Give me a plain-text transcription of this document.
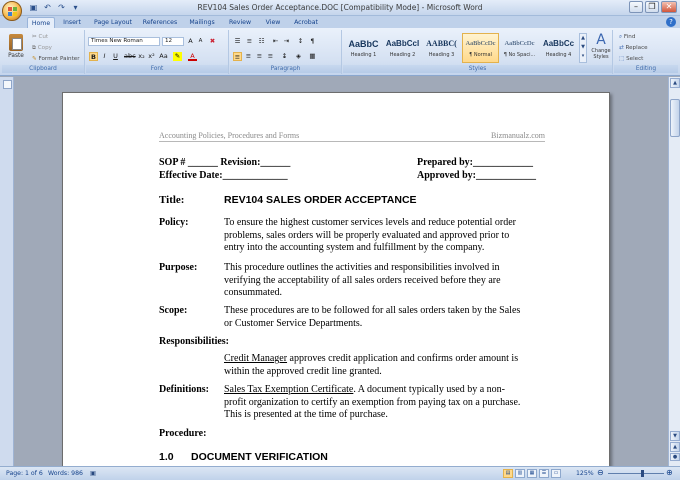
▣ ↶ ↷	▾	REV104 Sales Order Acceptance.DOC [Compatibility Mode] - Microsoft Word	–	❐	✕
Home	Insert	Page Layout	References	Mailings	Review	View	Acrobat	?
Paste
✂ Cut
⧉ Copy
✎ Format Painter
Clipboard
Times New Roman	12	A	A	✖
B	I	U abc x₂ x² Aa ✎	A
Font
☰ ≡ ☷ ⇤ ⇥ ↕	¶
≡ ≡ ≡ ≡ ↨	◈	▦
Paragraph
AaBbC
Heading 1
AaBbCcI
Heading 2
AABBC(
Heading 3
AaBbCcDc
¶ Normal
AaBbCcDc
¶ No Spaci...
AaBbCc
Heading 4
▲
▼
▾
A
Change Styles
Styles
⌕ Find
⇄ Replace
⬚ Select
Editing
▲
▼
▲
●
Accounting Policies, Procedures and Forms	Bizmanualz.com
SOP # ______ Revision:______	Prepared by:____________
Effective Date:_____________	Approved by:____________
Title:	REV104 SALES ORDER ACCEPTANCE
Policy:	To ensure the highest customer services levels and reduce potential order
problems, sales orders will be properly evaluated and approved prior to
entry into the accounting system and fulfillment by the company.
Purpose:	This procedure outlines the activities and responsibilities involved in
verifying the acceptability of all sales orders received before they are
consummated.
Scope:	These procedures are to be followed for all sales orders taken by the Sales
or Customer Service Departments.
Responsibilities:
Credit Manager approves credit application and confirms order amount is
within the approved credit line granted.
Definitions: Sales Tax Exemption Certificate. A document typically used by a non-
profit organization to certify an exemption from paying tax on a purchase.
This is presented at the time of purchase.
Procedure:
1.0 DOCUMENT VERIFICATION
Page: 1 of 6 Words: 986 ▣	▤	▥	▦	☰	▭	125% ⊖	⊕
